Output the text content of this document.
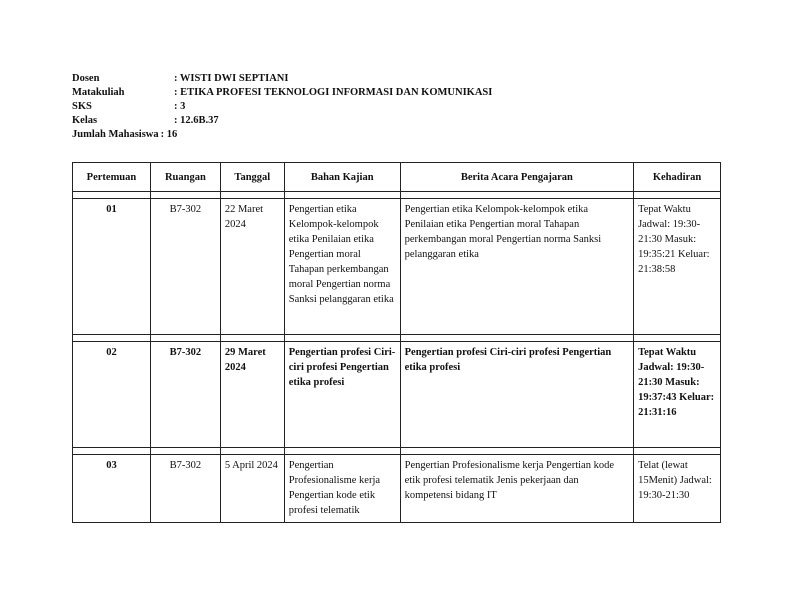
Dosen	: WISTI DWI SEPTIANI
Matakuliah	: ETIKA PROFESI TEKNOLOGI INFORMASI DAN KOMUNIKASI
SKS	: 3
Kelas	: 12.6B.37
Jumlah Mahasiswa : 16
Pertemuan	Ruangan	Tanggal	Bahan Kajian	Berita Acara Pengajaran	Kehadiran

01	B7-302	22 Maret 2024	Pengertian etika Kelompok-kelompok etika Penilaian etika Pengertian moral Tahapan perkembangan moral Pengertian norma Sanksi pelanggaran etika	Pengertian etika Kelompok-kelompok etika Penilaian etika Pengertian moral Tahapan perkembangan moral Pengertian norma Sanksi pelanggaran etika	Tepat Waktu Jadwal: 19:30-21:30 Masuk: 19:35:21 Keluar: 21:38:58

02	B7-302	29 Maret 2024	Pengertian profesi Ciri-ciri profesi Pengertian etika profesi	Pengertian profesi Ciri-ciri profesi Pengertian etika profesi	Tepat Waktu Jadwal: 19:30-21:30 Masuk: 19:37:43 Keluar: 21:31:16

03	B7-302	5 April 2024	Pengertian Profesionalisme kerja Pengertian kode etik profesi telematik	Pengertian Profesionalisme kerja Pengertian kode etik profesi telematik Jenis pekerjaan dan kompetensi bidang IT	Telat (lewat 15Menit) Jadwal: 19:30-21:30
